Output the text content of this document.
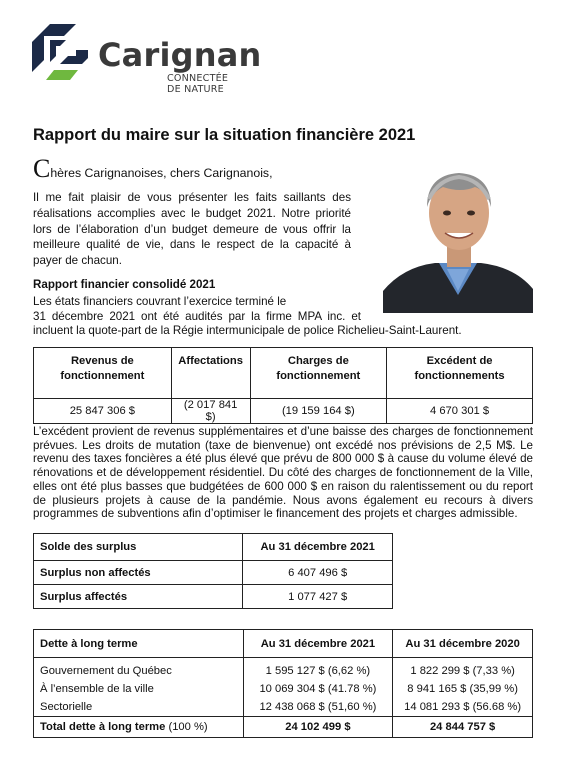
Carignan
CONNECTÉE
DE NATURE
Rapport du maire sur la situation financière 2021
Chères Carignanoises, chers Carignanois,
Il me fait plaisir de vous présenter les faits saillants des réalisations accomplies avec le budget 2021. Notre priorité lors de l’élaboration d’un budget demeure de vous offrir la meilleure qualité de vie, dans le respect de la capacité à payer de chacun.
Rapport financier consolidé 2021
Les états financiers couvrant l’exercice terminé le
31 décembre 2021 ont été audités par la firme MPA inc. et
incluent la quote-part de la Régie intermunicipale de police Richelieu-Saint-Laurent.
Revenus de fonctionnement	Affectations	Charges de fonctionnement	Excédent de fonctionnements
25 847 306 $	(2 017 841 $)	(19 159 164 $)	4 670 301 $
L’excédent provient de revenus supplémentaires et d’une baisse des charges de fonctionnement prévues. Les droits de mutation (taxe de bienvenue) ont excédé nos prévisions de 2,5 M$. Le revenu des taxes foncières a été plus élevé que prévu de 800 000 $ à cause du volume élevé de rénovations et de développement résidentiel. Du côté des charges de fonctionnement de la Ville, elles ont été plus basses que budgétées de 600 000 $ en raison du ralentissement ou du report de plusieurs projets à cause de la pandémie. Nous avons également eu recours à divers programmes de subventions afin d’optimiser le financement des projets et charges admissible.
Solde des surplus	Au 31 décembre 2021
Surplus non affectés	6 407 496 $
Surplus affectés	1 077 427 $
Dette à long terme	Au 31 décembre 2021	Au 31 décembre 2020
Gouvernement du Québec	1 595 127 $ (6,62 %)	1 822 299 $ (7,33 %)
À l’ensemble de la ville	10 069 304 $ (41.78 %)	8 941 165 $ (35,99 %)
Sectorielle	12 438 068 $ (51,60 %)	14 081 293 $ (56.68 %)
Total dette à long terme (100 %)	24 102 499 $	24 844 757 $
